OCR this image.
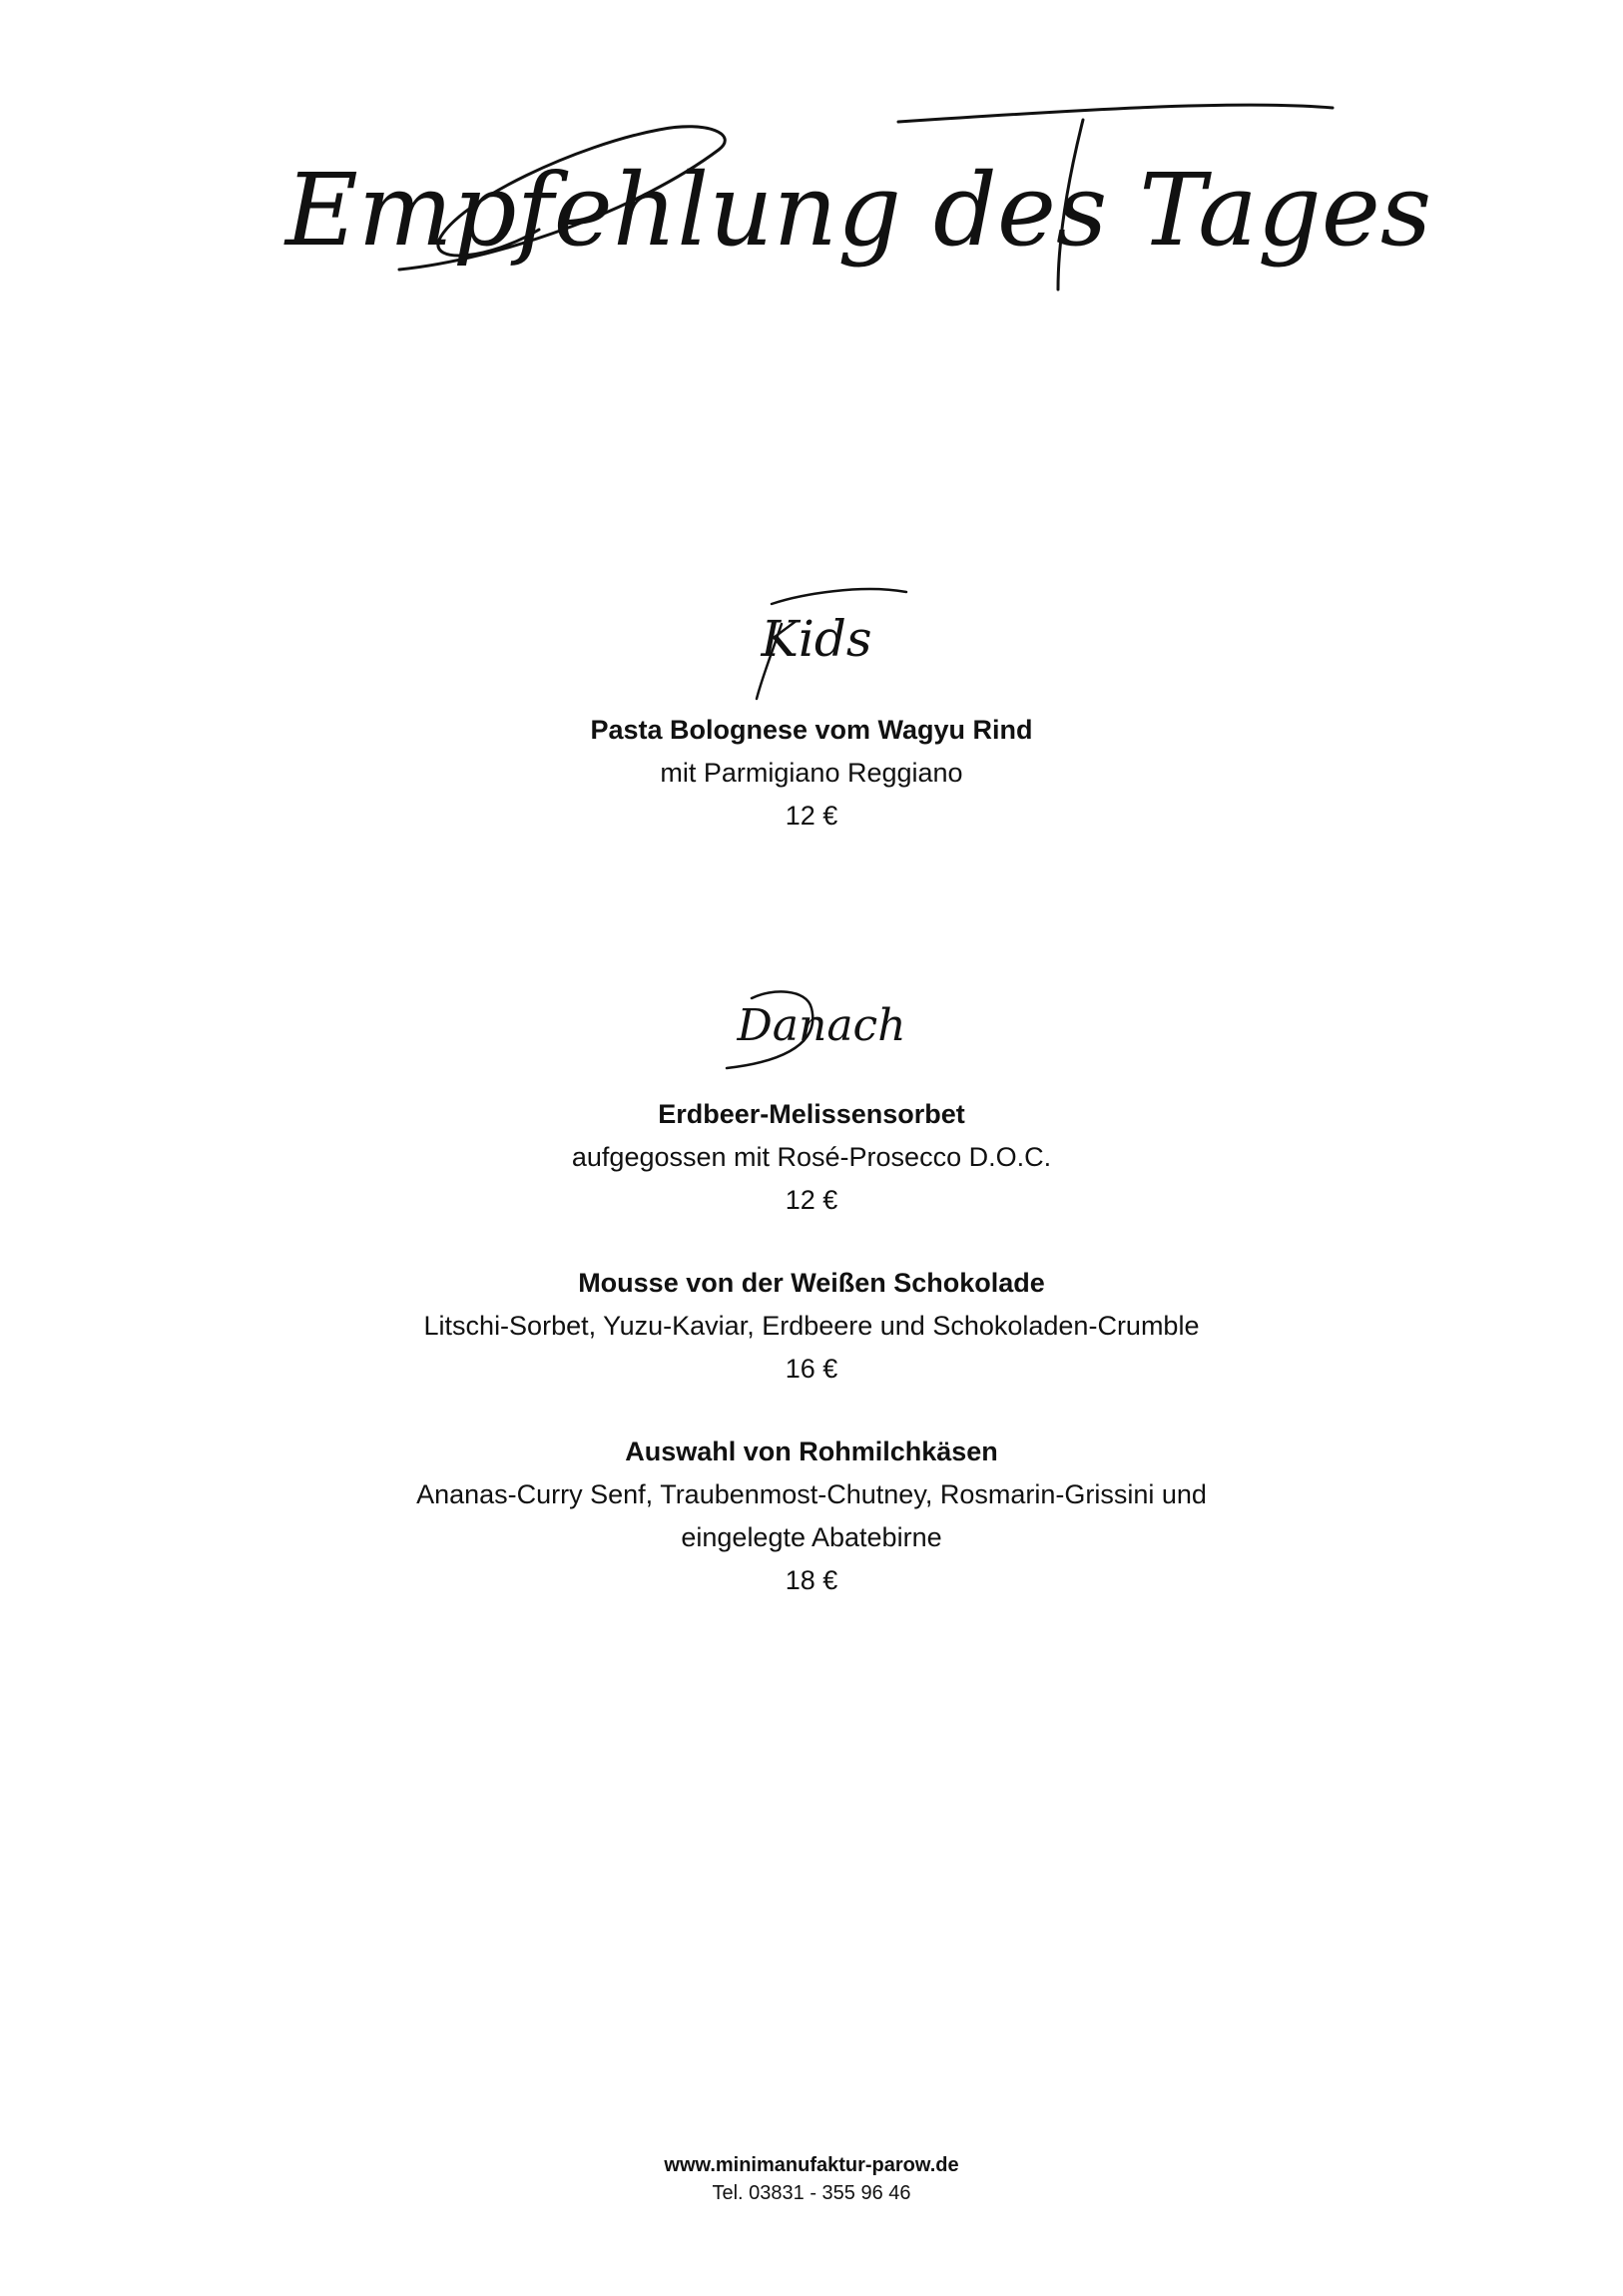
Empfehlung des Tages
Kids
Pasta Bolognese vom Wagyu Rind
mit Parmigiano Reggiano
12 €
Danach
Erdbeer-Melissensorbet
aufgegossen mit Rosé-Prosecco D.O.C.
12 €
Mousse von der Weißen Schokolade
Litschi-Sorbet, Yuzu-Kaviar, Erdbeere und Schokoladen-Crumble
16 €
Auswahl von Rohmilchkäsen
Ananas-Curry Senf, Traubenmost-Chutney, Rosmarin-Grissini und eingelegte Abatebirne
18 €
www.minimanufaktur-parow.de
Tel. 03831 - 355 96 46
